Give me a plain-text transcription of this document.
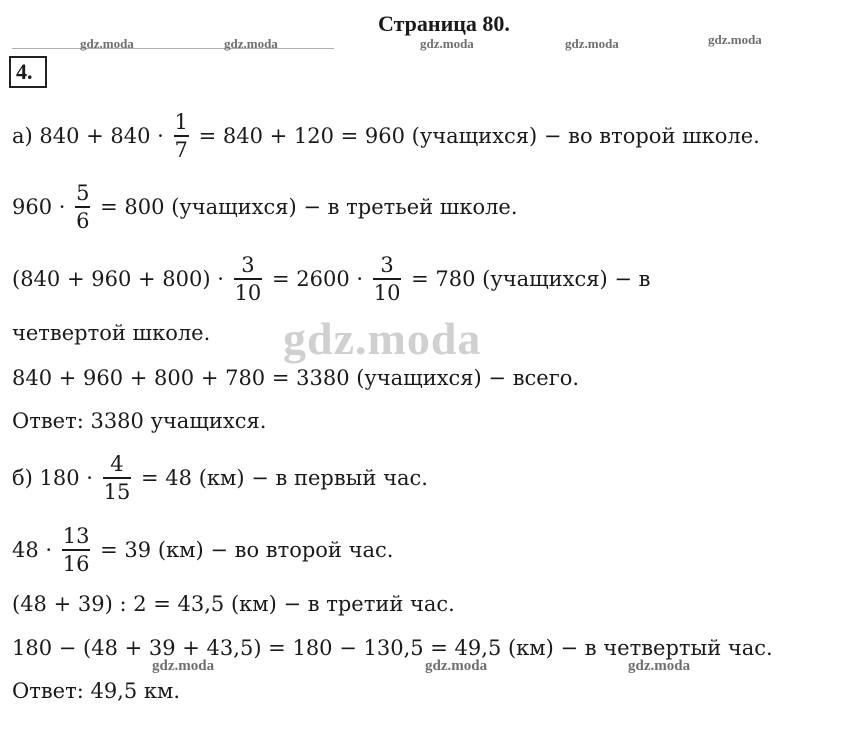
Страница 80.
gdz.moda	gdz.moda	gdz.moda	gdz.moda	gdz.moda
4.
а) $840 + 840 \cdot \frac{1}{7} = 840 + 120 = 960$ (учащихся) − во второй школе.
$960 \cdot \frac{5}{6} = 800$ (учащихся) − в третьей школе.
$(840 + 960 + 800) \cdot \frac{3}{10} = 2600 \cdot \frac{3}{10} = 780$ (учащихся) − в
gdz.moda
четвертой школе.
840 + 960 + 800 + 780 = 3380 (учащихся) − всего.
Ответ: 3380 учащихся.
б) $180 \cdot \frac{4}{15} = 48$ (км) − в первый час.
$48 \cdot \frac{13}{16} = 39$ (км) − во второй час.
(48 + 39) : 2 = 43,5 (км) − в третий час.
180 − (48 + 39 + 43,5) = 180 − 130,5 = 49,5 (км) − в четвертый час.
gdz.moda	gdz.moda	gdz.moda
Ответ: 49,5 км.
